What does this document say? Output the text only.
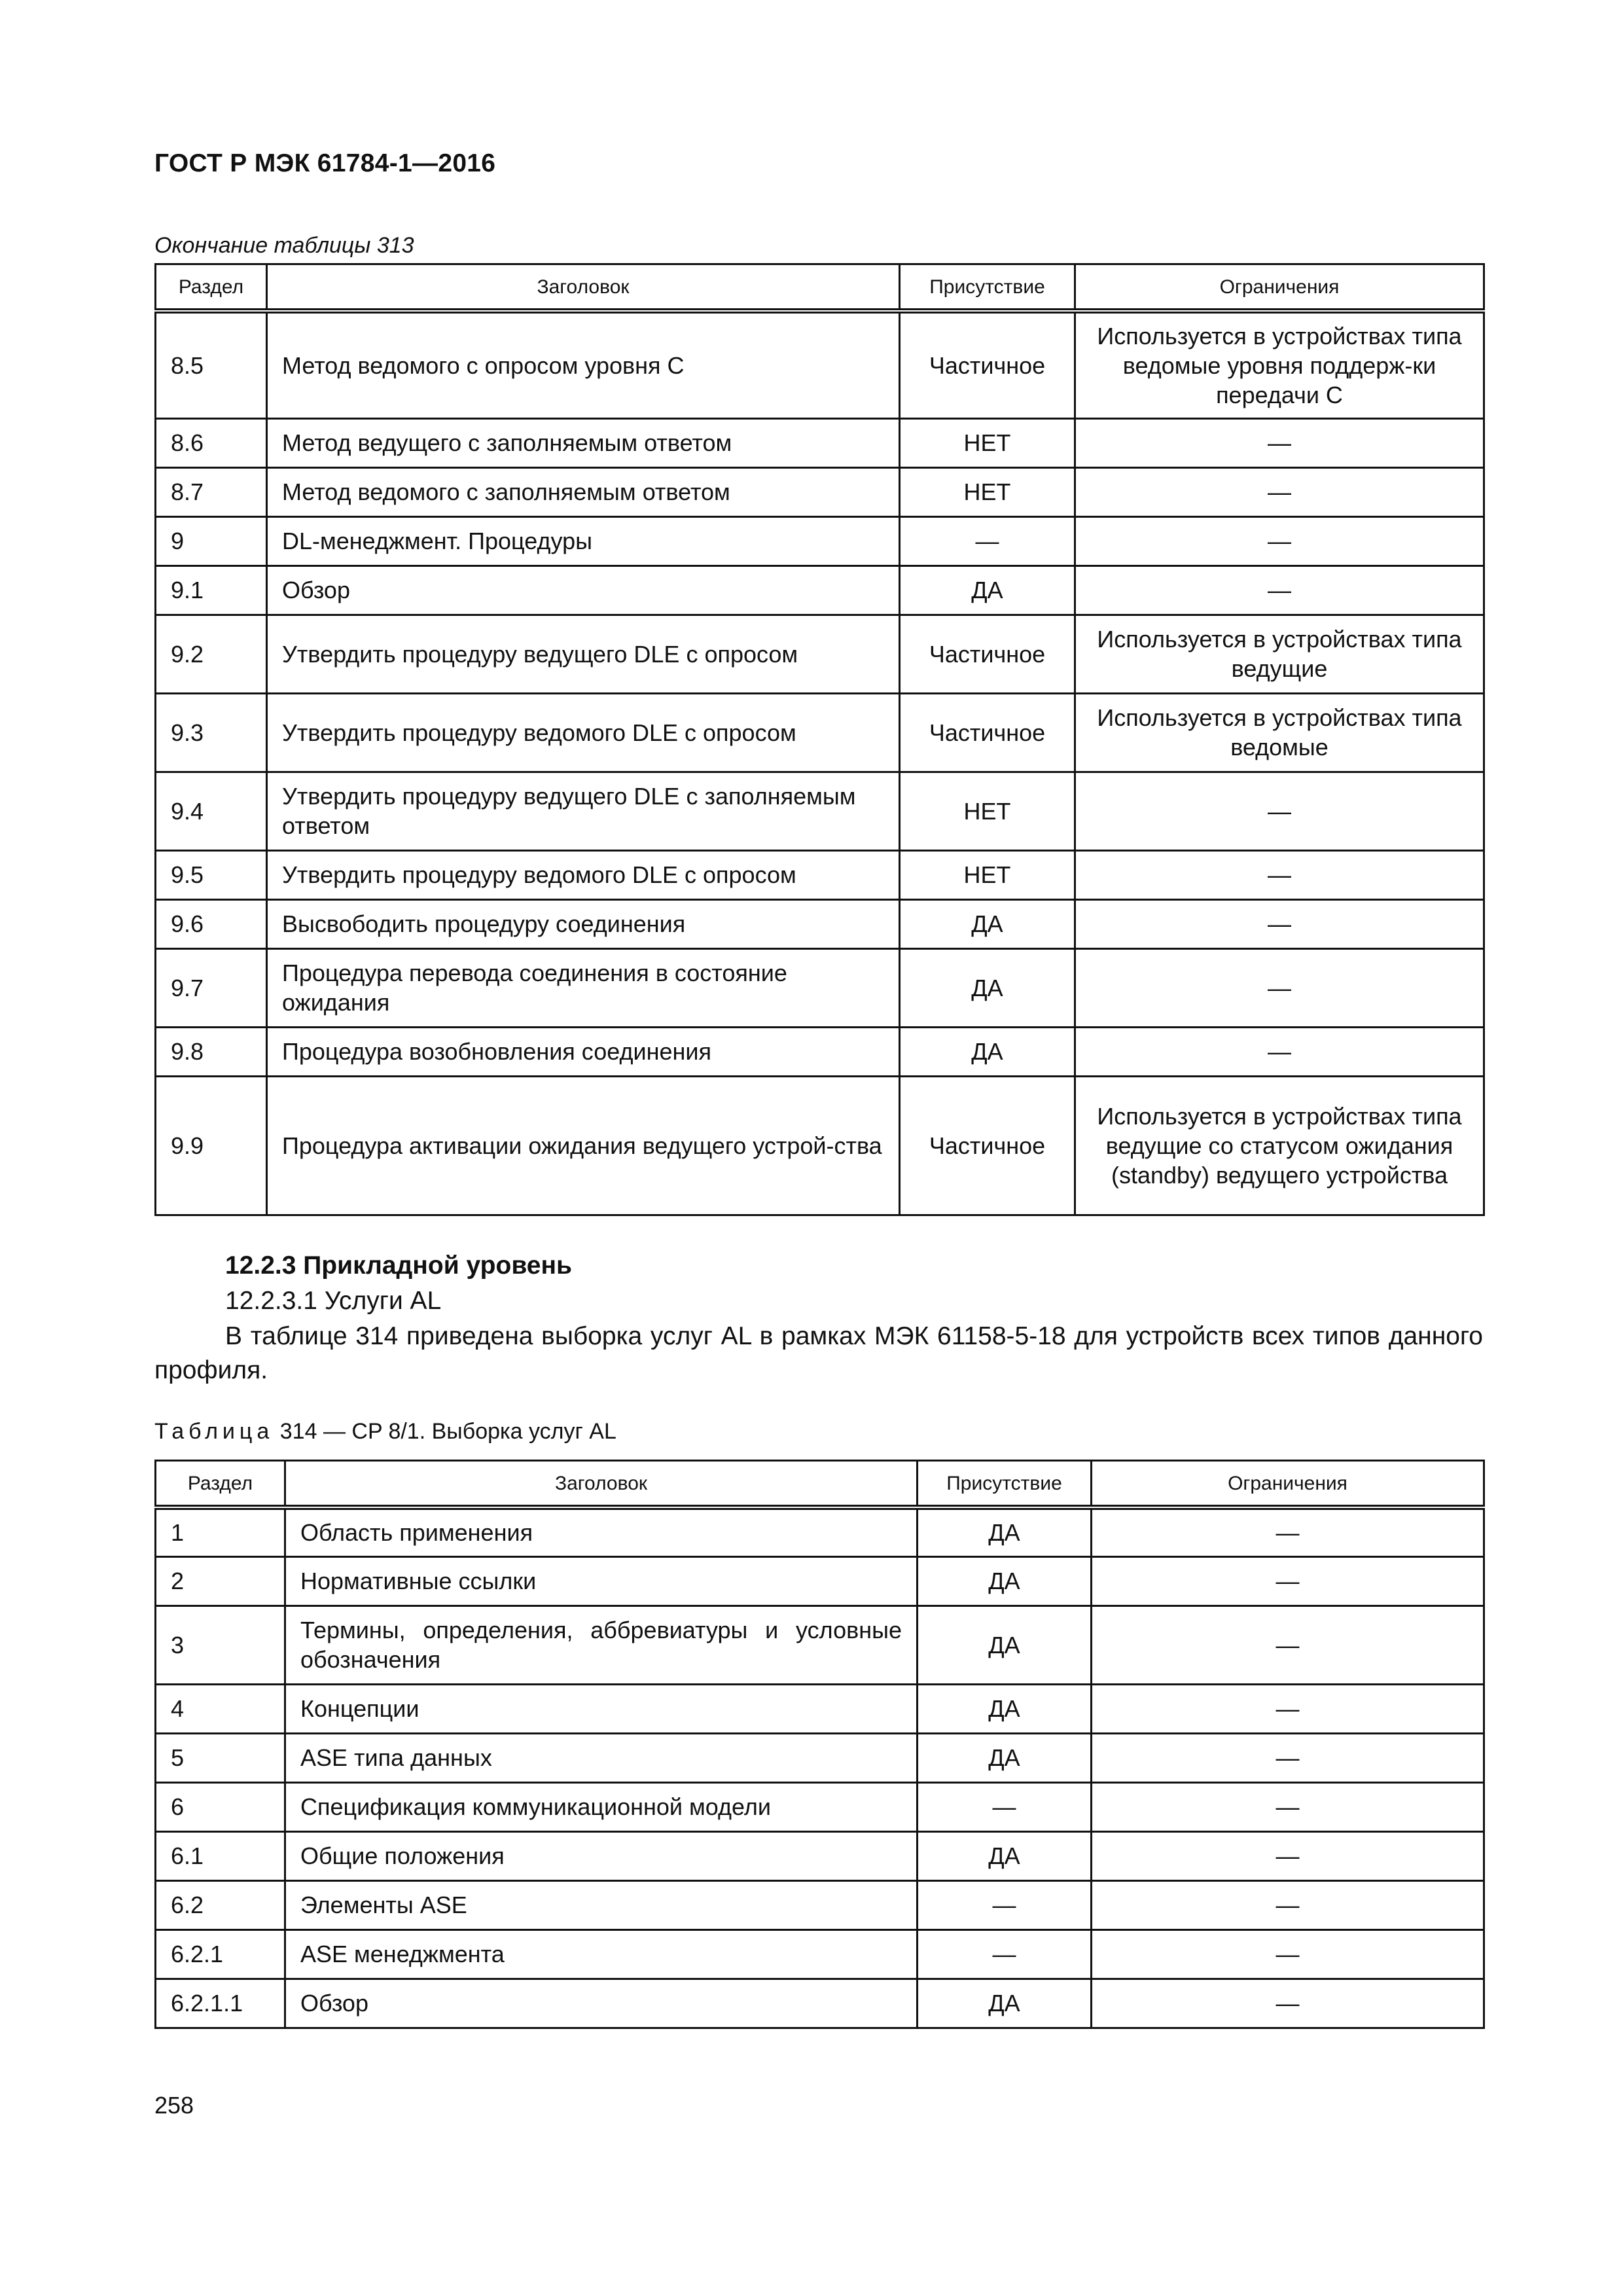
ГОСТ Р МЭК 61784-1—2016
Окончание таблицы 313
Раздел	Заголовок	Присутствие	Ограничения
8.5	Метод ведомого с опросом уровня C	Частичное	Используется в устройствах типа ведомые уровня поддерж-ки передачи C
8.6	Метод ведущего с заполняемым ответом	НЕТ	—
8.7	Метод ведомого с заполняемым ответом	НЕТ	—
9	DL-менеджмент. Процедуры	—	—
9.1	Обзор	ДА	—
9.2	Утвердить процедуру ведущего DLE с опросом	Частичное	Используется в устройствах типа ведущие
9.3	Утвердить процедуру ведомого DLE с опросом	Частичное	Используется в устройствах типа ведомые
9.4	Утвердить процедуру ведущего DLE с заполняемым ответом	НЕТ	—
9.5	Утвердить процедуру ведомого DLE с опросом	НЕТ	—
9.6	Высвободить процедуру соединения	ДА	—
9.7	Процедура перевода соединения в состояние ожидания	ДА	—
9.8	Процедура возобновления соединения	ДА	—
9.9	Процедура активации ожидания ведущего устрой-ства	Частичное	Используется в устройствах типа ведущие со статусом ожидания (standby) ведущего устройства
12.2.3 Прикладной уровень
12.2.3.1 Услуги AL
В таблице 314 приведена выборка услуг AL в рамках МЭК 61158-5-18 для устройств всех типов данного профиля.
Таблица 314 — CP 8/1. Выборка услуг AL
Раздел	Заголовок	Присутствие	Ограничения
1	Область применения	ДА	—
2	Нормативные ссылки	ДА	—
3	Термины, определения, аббревиатуры и условные обозначения	ДА	—
4	Концепции	ДА	—
5	ASE типа данных	ДА	—
6	Спецификация коммуникационной модели	—	—
6.1	Общие положения	ДА	—
6.2	Элементы ASE	—	—
6.2.1	ASE менеджмента	—	—
6.2.1.1	Обзор	ДА	—
258
